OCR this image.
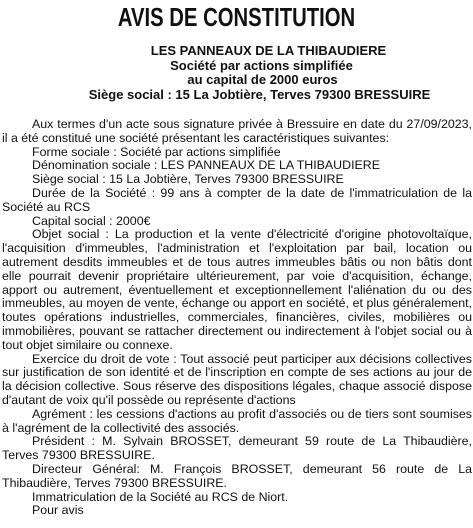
AVIS DE CONSTITUTION
LES PANNEAUX DE LA THIBAUDIERE
Société par actions simplifiée
au capital de 2000 euros
Siège social : 15 La Jobtière, Terves 79300 BRESSUIRE

Aux termes d'un acte sous signature privée à Bressuire en date du 27/09/2023, il a été constitué une société présentant les caractéristiques suivantes:

Forme sociale : Société par actions simplifiée

Dénomination sociale : LES PANNEAUX DE LA THIBAUDIERE

Siège social : 15 La Jobtière, Terves 79300 BRESSUIRE

Durée de la Société : 99 ans à compter de la date de l'immatriculation de la Société au RCS

Capital social : 2000€

Objet social : La production et la vente d'électricité d'origine photovoltaïque, l'acquisition d'immeubles, l'administration et l'exploitation par bail, location ou autrement desdits immeubles et de tous autres immeubles bâtis ou non bâtis dont elle pourrait devenir propriétaire ultérieurement, par voie d'acquisition, échange, apport ou autrement, éventuellement et exceptionnellement l'aliénation du ou des immeubles, au moyen de vente, échange ou apport en société, et plus généralement, toutes opérations industrielles, commerciales, financières, civiles, mobilières ou immobilières, pouvant se rattacher directement ou indirectement à l'objet social ou à tout objet similaire ou connexe.

Exercice du droit de vote : Tout associé peut participer aux décisions collectives sur justification de son identité et de l'inscription en compte de ses actions au jour de la décision collective. Sous réserve des dispositions légales, chaque associé dispose d'autant de voix qu'il possède ou représente d'actions

Agrément : les cessions d'actions au profit d'associés ou de tiers sont soumises à l'agrément de la collectivité des associés.

Président : M. Sylvain BROSSET, demeurant 59 route de La Thibaudière, Terves 79300 BRESSUIRE.

Directeur Général: M. François BROSSET, demeurant 56 route de La Thibaudière, Terves 79300 BRESSUIRE.

Immatriculation de la Société au RCS de Niort.

Pour avis
